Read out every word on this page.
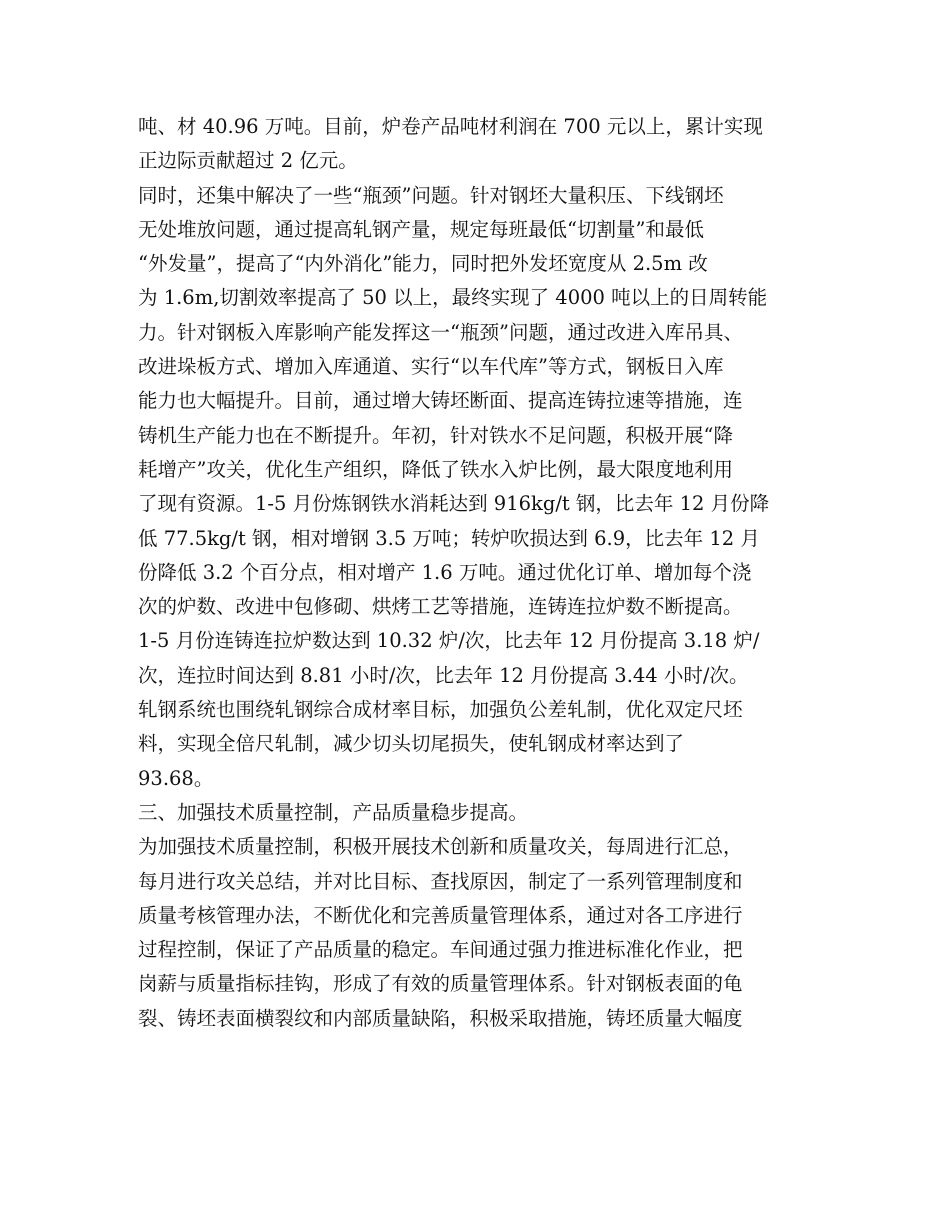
吨、材 40.96 万吨。目前，炉卷产品吨材利润在 700 元以上，累计实现
正边际贡献超过 2 亿元。
同时，还集中解决了一些“瓶颈”问题。针对钢坯大量积压、下线钢坯
无处堆放问题，通过提高轧钢产量，规定每班最低“切割量”和最低
“外发量”，提高了“内外消化”能力，同时把外发坯宽度从 2.5m 改
为 1.6m,切割效率提高了 50 以上，最终实现了 4000 吨以上的日周转能
力。针对钢板入库影响产能发挥这一“瓶颈”问题，通过改进入库吊具、
改进垛板方式、增加入库通道、实行“以车代库”等方式，钢板日入库
能力也大幅提升。目前，通过增大铸坯断面、提高连铸拉速等措施，连
铸机生产能力也在不断提升。年初，针对铁水不足问题，积极开展“降
耗增产”攻关，优化生产组织，降低了铁水入炉比例，最大限度地利用
了现有资源。1-5 月份炼钢铁水消耗达到 916kg/t 钢，比去年 12 月份降
低 77.5kg/t 钢，相对增钢 3.5 万吨；转炉吹损达到 6.9，比去年 12 月
份降低 3.2 个百分点，相对增产 1.6 万吨。通过优化订单、增加每个浇
次的炉数、改进中包修砌、烘烤工艺等措施，连铸连拉炉数不断提高。
1-5 月份连铸连拉炉数达到 10.32 炉/次，比去年 12 月份提高 3.18 炉/
次，连拉时间达到 8.81 小时/次，比去年 12 月份提高 3.44 小时/次。
轧钢系统也围绕轧钢综合成材率目标，加强负公差轧制，优化双定尺坯
料，实现全倍尺轧制，减少切头切尾损失，使轧钢成材率达到了
93.68。
三、加强技术质量控制，产品质量稳步提高。
为加强技术质量控制，积极开展技术创新和质量攻关，每周进行汇总，
每月进行攻关总结，并对比目标、查找原因，制定了一系列管理制度和
质量考核管理办法，不断优化和完善质量管理体系，通过对各工序进行
过程控制，保证了产品质量的稳定。车间通过强力推进标准化作业，把
岗薪与质量指标挂钩，形成了有效的质量管理体系。针对钢板表面的龟
裂、铸坯表面横裂纹和内部质量缺陷，积极采取措施，铸坯质量大幅度
